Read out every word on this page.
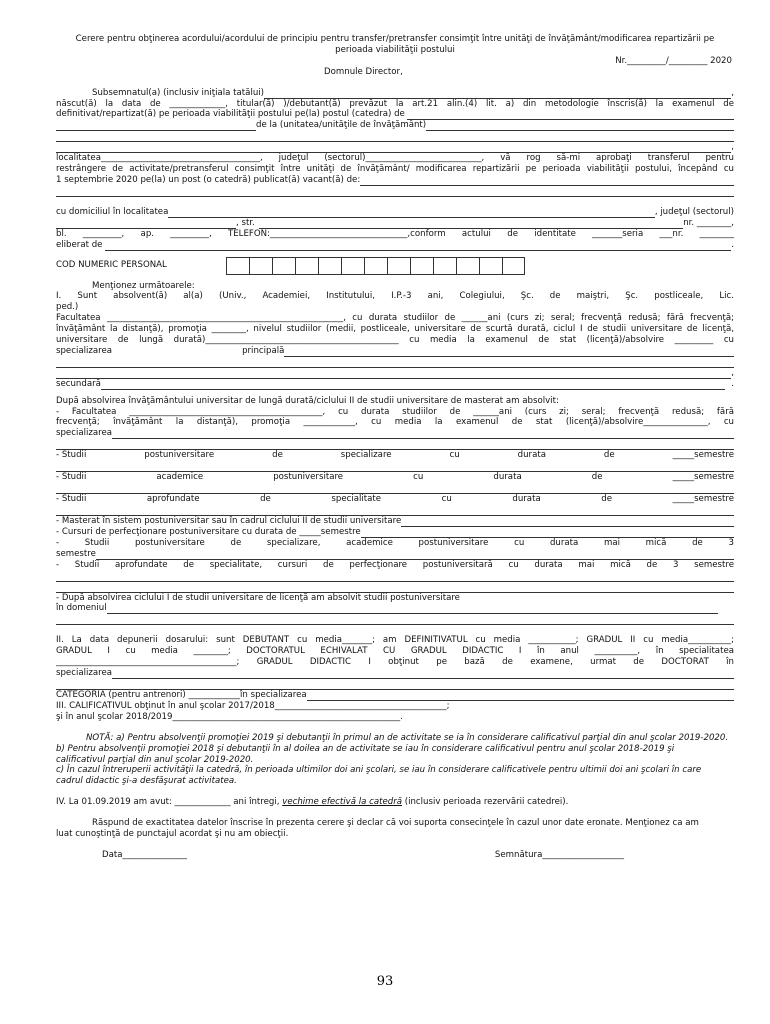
Cerere pentru obţinerea acordului/acordului de principiu pentru transfer/pretransfer consimţit între unităţi de învăţământ/modificarea repartizării pe
perioada viabilităţii postului
Nr._________/_________ 2020
Domnule Director,
Subsemnatul(a) (inclusiv iniţiala tatălui)	,
născut(ă) la data de _____________, titular(ă) )/debutant(ă) prevăzut la art.21 alin.(4) lit. a) din metodologie înscris(ă) la examenul de
definitivat/repartizat(ă) pe perioada viabilităţii postului pe(la) postul (catedra) de
de la (unitatea/unităţile de învăţământ)
,
localitatea_____________________________________, judeţul (sectorul)___________________________, vă rog să-mi aprobaţi transferul pentru
restrângere de activitate/pretransferul consimţit între unităţi de învăţământ/ modificarea repartizării pe perioada viabilităţii postului, începând cu
1 septembrie 2020 pe(la) un post (o catedră) publicat(ă) vacant(ă) de:
cu domiciliul în localitatea	, judeţul (sectorul)
, str.	nr. ________,
bl. _________, ap. _________, TELEFON:________________________________,conform actului de identitate _______seria ___nr. ________
eliberat de	.
COD NUMERIC PERSONAL
Menţionez următoarele:
I. Sunt absolvent(ă) al(a) (Univ., Academiei, Institutului, I.P.-3 ani, Colegiului, Şc. de maiştri, Şc. postliceale, Lic.
ped.)
Facultatea _______________________________________________________, cu durata studiilor de ______ani (curs zi; seral; frecvenţă redusă; fără frecvenţă;
învăţământ la distanţă), promoţia ________, nivelul studiilor (medii, postliceale, universitare de scurtă durată, ciclul I de studii universitare de licenţă,
universitare de lungă durată)_____________________________________________ cu media la examenul de stat (licenţă)/absolvire _________ cu
specializarea	principală
,
secundară	.
După absolvirea învăţământului universitar de lungă durată/ciclului II de studii universitare de masterat am absolvit:
- Facultatea _____________________________________________, cu durata studiilor de ______ani (curs zi; seral; frecvenţă redusă; fără
frecvenţă; învăţământ la distanţă), promoţia ____________, cu media la examenul de stat (licenţă)/absolvire_______________, cu
specializarea
- Studii	postuniversitare	de	specializare	cu	durata	de	_____semestre
- Studii	academice	postuniversitare	cu	durata	de	_____semestre
- Studii	aprofundate	de	specialitate	cu	durata	de	_____semestre
- Masterat în sistem postuniversitar sau în cadrul ciclului II de studii universitare
- Cursuri de perfecţionare postuniversitare cu durata de _____semestre
- Studii postuniversitare de specializare, academice postuniversitare cu durata mai mică de 3
semestre
- Studii aprofundate de specialitate, cursuri de perfecţionare postuniversitară cu durata mai mică de 3 semestre
- După absolvirea ciclului I de studii universitare de licenţă am absolvit studii postuniversitare
în domeniul
II. La data depunerii dosarului: sunt DEBUTANT cu media_______; am DEFINITIVATUL cu media ___________; GRADUL II cu media__________;
GRADUL I cu media ________; DOCTORATUL ECHIVALAT CU GRADUL DIDACTIC I în anul __________, în specialitatea
__________________________________________; GRADUL DIDACTIC I obţinut pe bază de examene, urmat de DOCTORAT în
specializarea
CATEGORIA (pentru antrenori) ____________în specializarea
III. CALIFICATIVUL obţinut în anul şcolar 2017/2018________________________________________;
şi în anul şcolar 2018/2019_____________________________________________________.
NOTĂ: a) Pentru absolvenţii promoţiei 2019 şi debutanţii în primul an de activitate se ia în considerare calificativul parţial din anul şcolar 2019-2020.
b) Pentru absolvenţii promoţiei 2018 şi debutanţii în al doilea an de activitate se iau în considerare calificativul pentru anul şcolar 2018-2019 şi
calificativul parţial din anul şcolar 2019-2020.
c) În cazul întreruperii activităţii la catedră, în perioada ultimilor doi ani şcolari, se iau în considerare calificativele pentru ultimii doi ani şcolari în care
cadrul didactic şi-a desfăşurat activitatea.
IV. La 01.09.2019 am avut: _____________ ani întregi, vechime efectivă la catedră (inclusiv perioada rezervării catedrei).
Răspund de exactitatea datelor înscrise în prezenta cerere şi declar că voi suporta consecinţele în cazul unor date eronate. Menţionez ca am
luat cunoştinţă de punctajul acordat şi nu am obiecţii.
Data_______________	Semnătura___________________
93
